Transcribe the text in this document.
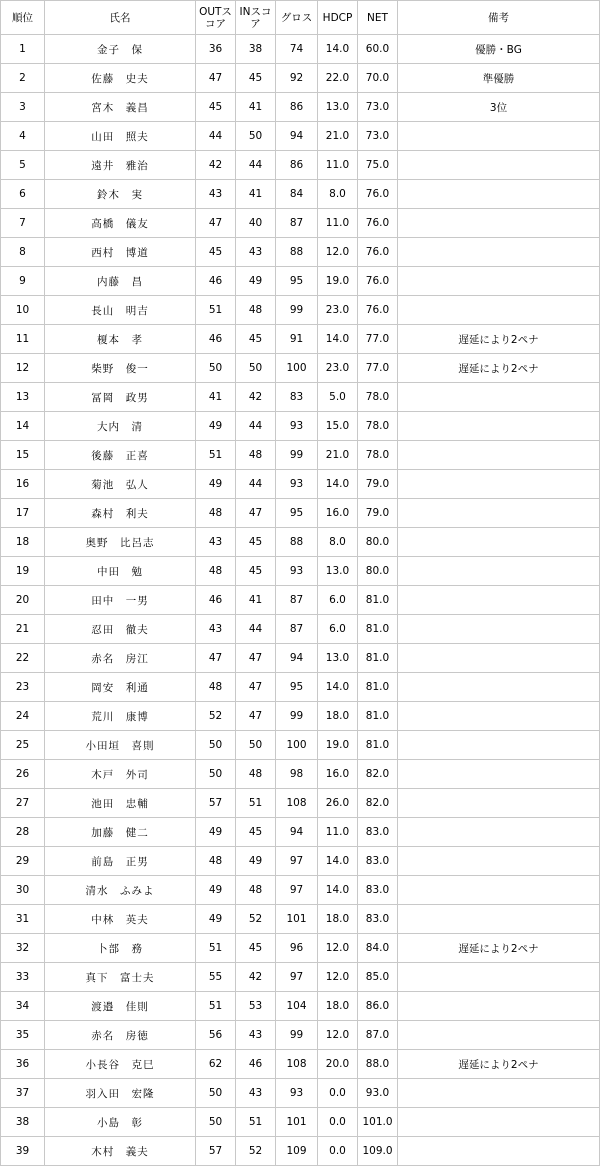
順位	氏名	OUTスコア	INスコア	グロス	HDCP	NET	備考
1	金子　保	36	38	74	14.0	60.0	優勝・BG
2	佐藤　史夫	47	45	92	22.0	70.0	準優勝
3	宮木　義昌	45	41	86	13.0	73.0	3位
4	山田　照夫	44	50	94	21.0	73.0	
5	遠井　雅治	42	44	86	11.0	75.0	
6	鈴木　実	43	41	84	8.0	76.0	
7	高橋　儀友	47	40	87	11.0	76.0	
8	西村　博道	45	43	88	12.0	76.0	
9	内藤　昌	46	49	95	19.0	76.0	
10	長山　明吉	51	48	99	23.0	76.0	
11	榎本　孝	46	45	91	14.0	77.0	遅延により2ペナ
12	柴野　俊一	50	50	100	23.0	77.0	遅延により2ペナ
13	冨岡　政男	41	42	83	5.0	78.0	
14	大内　清	49	44	93	15.0	78.0	
15	後藤　正喜	51	48	99	21.0	78.0	
16	菊池　弘人	49	44	93	14.0	79.0	
17	森村　利夫	48	47	95	16.0	79.0	
18	奥野　比呂志	43	45	88	8.0	80.0	
19	中田　勉	48	45	93	13.0	80.0	
20	田中　一男	46	41	87	6.0	81.0	
21	忍田　徹夫	43	44	87	6.0	81.0	
22	赤名　房江	47	47	94	13.0	81.0	
23	岡安　利通	48	47	95	14.0	81.0	
24	荒川　康博	52	47	99	18.0	81.0	
25	小田垣　喜則	50	50	100	19.0	81.0	
26	木戸　外司	50	48	98	16.0	82.0	
27	池田　忠輔	57	51	108	26.0	82.0	
28	加藤　健二	49	45	94	11.0	83.0	
29	前島　正男	48	49	97	14.0	83.0	
30	清水　ふみよ	49	48	97	14.0	83.0	
31	中林　英夫	49	52	101	18.0	83.0	
32	卜部　務	51	45	96	12.0	84.0	遅延により2ペナ
33	真下　富士夫	55	42	97	12.0	85.0	
34	渡邉　佳則	51	53	104	18.0	86.0	
35	赤名　房徳	56	43	99	12.0	87.0	
36	小長谷　克巳	62	46	108	20.0	88.0	遅延により2ペナ
37	羽入田　宏隆	50	43	93	0.0	93.0	
38	小島　彰	50	51	101	0.0	101.0	
39	木村　義夫	57	52	109	0.0	109.0	
